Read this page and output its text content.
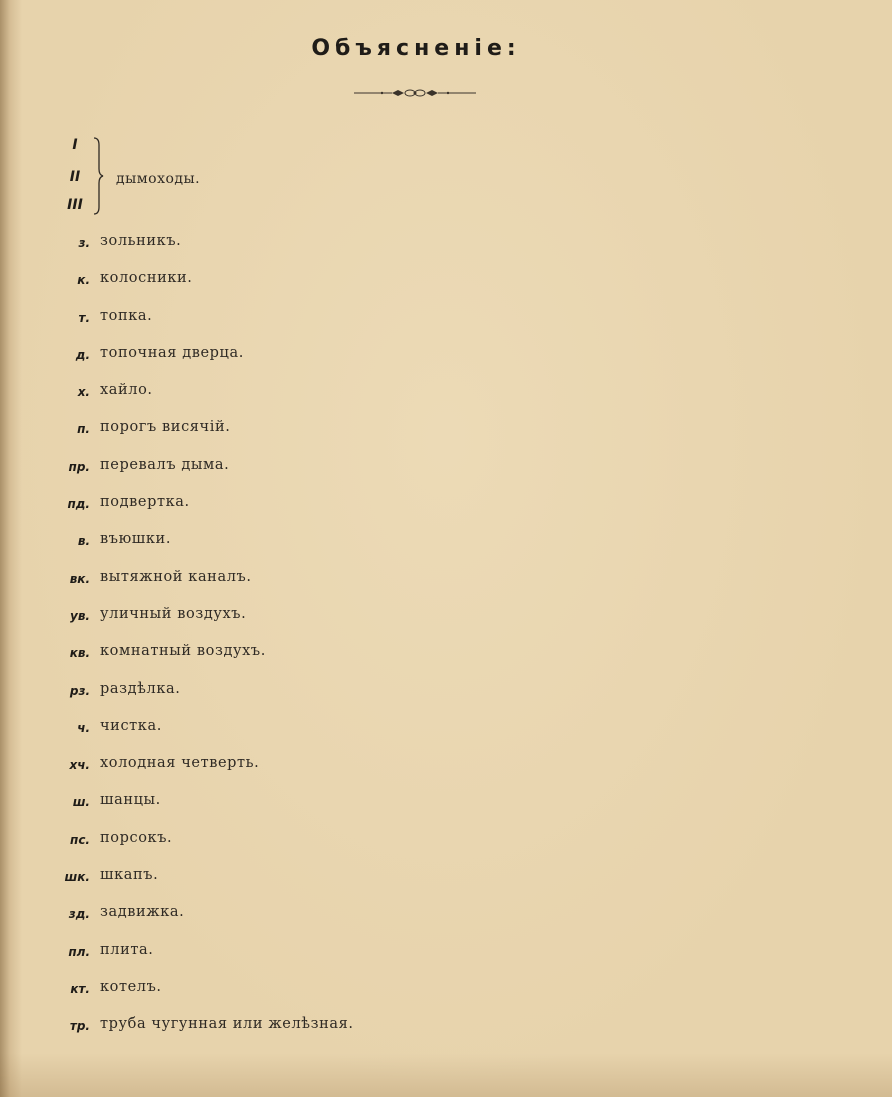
Объясненіе:
I
II
III
дымоходы.
з. зольникъ.
к. колосники.
т. топка.
д. топочная дверца.
х. хайло.
п. порогъ висячій.
пр. перевалъ дыма.
пд. подвертка.
в. въюшки.
вк. вытяжной каналъ.
ув. уличный воздухъ.
кв. комнатный воздухъ.
рз. раздѣлка.
ч. чистка.
хч. холодная четверть.
ш. шанцы.
пс. порсокъ.
шк. шкапъ.
зд. задвижка.
пл. плита.
кт. котелъ.
тр. труба чугунная или желѣзная.
